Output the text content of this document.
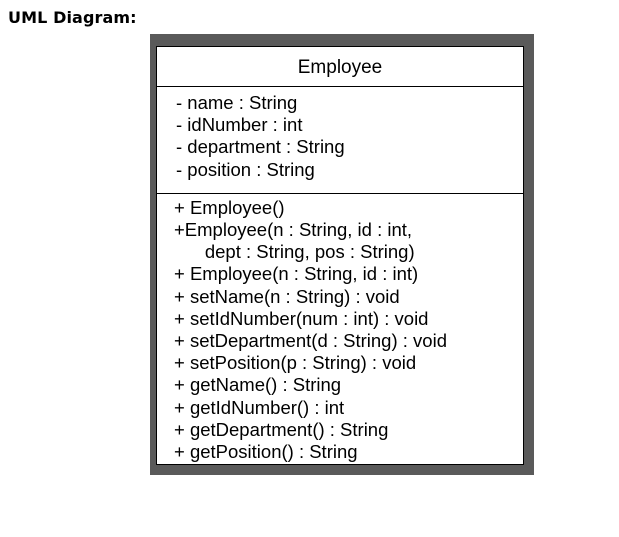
UML Diagram:
Employee
- name : String
- idNumber : int
- department : String
- position : String
+ Employee()
+Employee(n : String, id : int,
dept : String, pos : String)
+ Employee(n : String, id : int)
+ setName(n : String) : void
+ setIdNumber(num : int) : void
+ setDepartment(d : String) : void
+ setPosition(p : String) : void
+ getName() : String
+ getIdNumber() : int
+ getDepartment() : String
+ getPosition() : String
